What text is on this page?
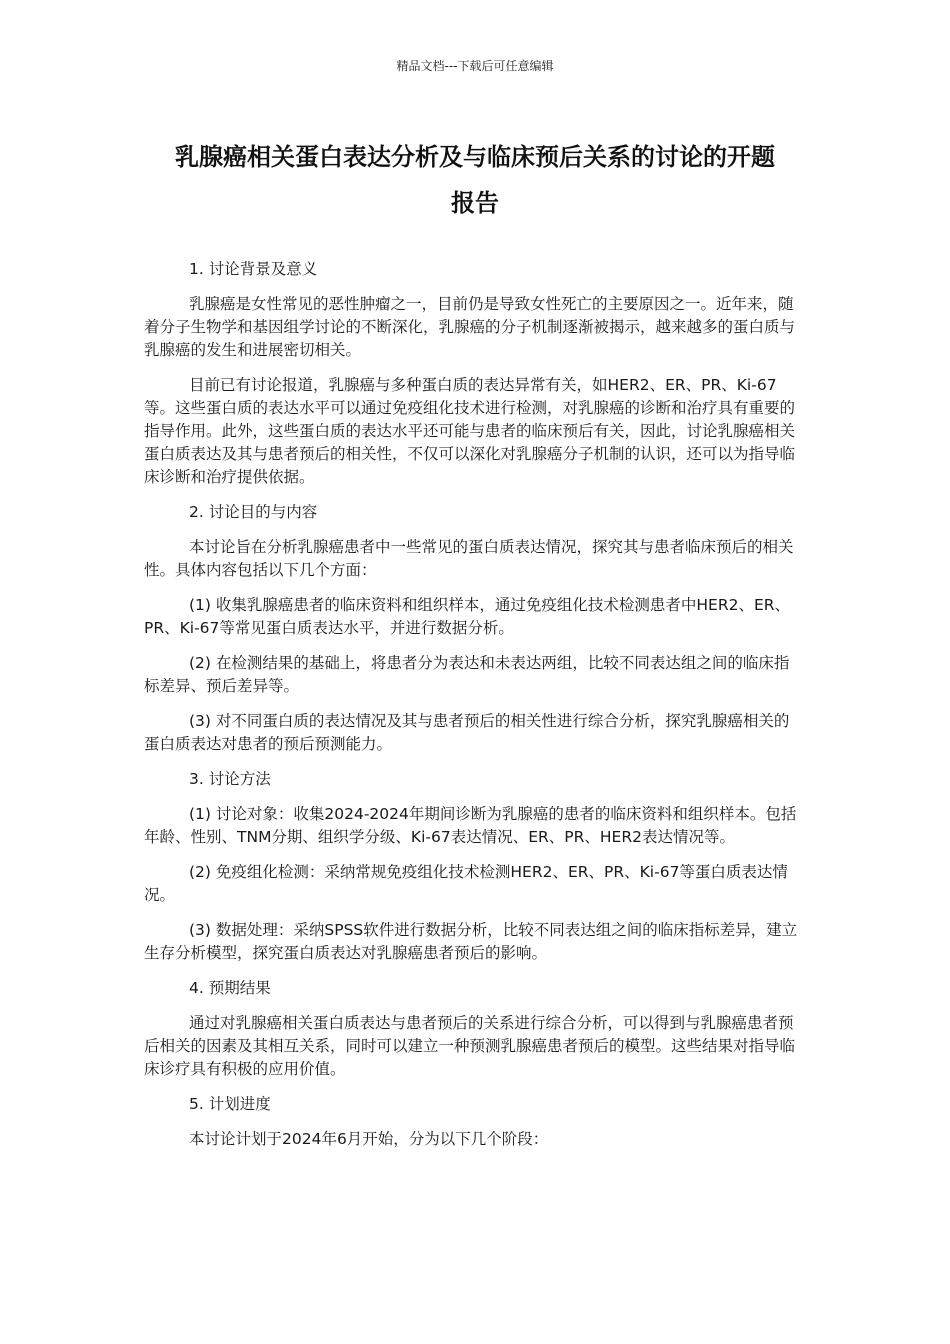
精品文档---下载后可任意编辑
乳腺癌相关蛋白表达分析及与临床预后关系的讨论的开题
报告

1. 讨论背景及意义

乳腺癌是女性常见的恶性肿瘤之一，目前仍是导致女性死亡的主要原因之一。近年来，随着分子生物学和基因组学讨论的不断深化，乳腺癌的分子机制逐渐被揭示，越来越多的蛋白质与乳腺癌的发生和进展密切相关。

目前已有讨论报道，乳腺癌与多种蛋白质的表达异常有关，如HER2、ER、PR、Ki-67等。这些蛋白质的表达水平可以通过免疫组化技术进行检测，对乳腺癌的诊断和治疗具有重要的指导作用。此外，这些蛋白质的表达水平还可能与患者的临床预后有关，因此，讨论乳腺癌相关蛋白质表达及其与患者预后的相关性，不仅可以深化对乳腺癌分子机制的认识，还可以为指导临床诊断和治疗提供依据。

2. 讨论目的与内容

本讨论旨在分析乳腺癌患者中一些常见的蛋白质表达情况，探究其与患者临床预后的相关性。具体内容包括以下几个方面：

(1) 收集乳腺癌患者的临床资料和组织样本，通过免疫组化技术检测患者中HER2、ER、PR、Ki-67等常见蛋白质表达水平，并进行数据分析。

(2) 在检测结果的基础上，将患者分为表达和未表达两组，比较不同表达组之间的临床指标差异、预后差异等。

(3) 对不同蛋白质的表达情况及其与患者预后的相关性进行综合分析，探究乳腺癌相关的蛋白质表达对患者的预后预测能力。

3. 讨论方法

(1) 讨论对象：收集2024-2024年期间诊断为乳腺癌的患者的临床资料和组织样本。包括年龄、性别、TNM分期、组织学分级、Ki-67表达情况、ER、PR、HER2表达情况等。

(2) 免疫组化检测：采纳常规免疫组化技术检测HER2、ER、PR、Ki-67等蛋白质表达情况。

(3) 数据处理：采纳SPSS软件进行数据分析，比较不同表达组之间的临床指标差异，建立生存分析模型，探究蛋白质表达对乳腺癌患者预后的影响。

4. 预期结果

通过对乳腺癌相关蛋白质表达与患者预后的关系进行综合分析，可以得到与乳腺癌患者预后相关的因素及其相互关系，同时可以建立一种预测乳腺癌患者预后的模型。这些结果对指导临床诊疗具有积极的应用价值。

5. 计划进度

本讨论计划于2024年6月开始，分为以下几个阶段：
